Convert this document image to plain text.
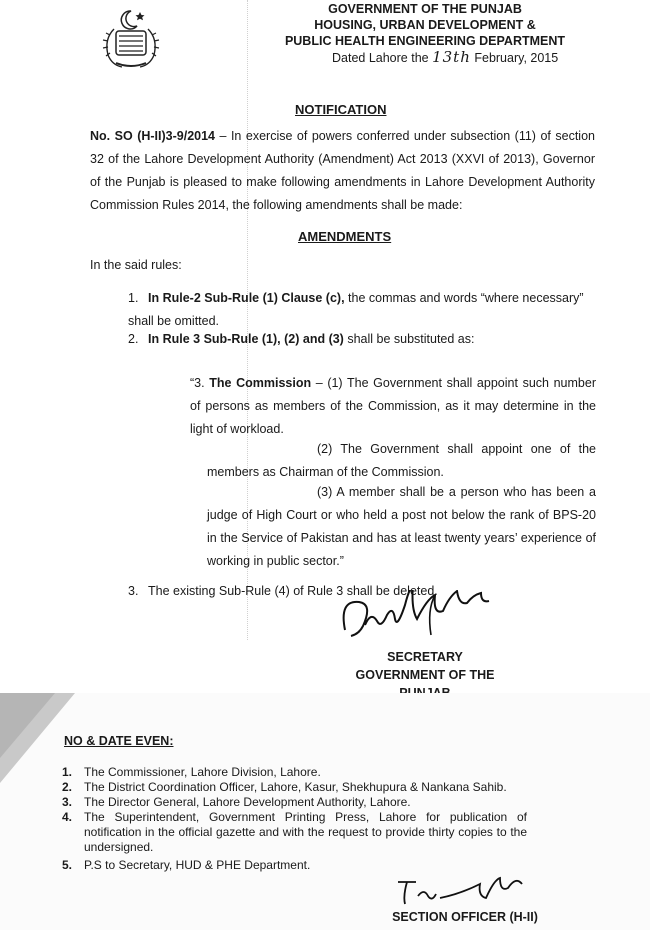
GOVERNMENT OF THE PUNJAB
HOUSING, URBAN DEVELOPMENT &
PUBLIC HEALTH ENGINEERING DEPARTMENT
Dated Lahore the 13th February, 2015
NOTIFICATION
No. SO (H-II)3-9/2014 – In exercise of powers conferred under subsection (11) of section 32 of the Lahore Development Authority (Amendment) Act 2013 (XXVI of 2013), Governor of the Punjab is pleased to make following amendments in Lahore Development Authority Commission Rules 2014, the following amendments shall be made:
AMENDMENTS
In the said rules:
1. In Rule-2 Sub-Rule (1) Clause (c), the commas and words “where necessary” shall be omitted.
2. In Rule 3 Sub-Rule (1), (2) and (3) shall be substituted as:
“3. The Commission – (1) The Government shall appoint such number of persons as members of the Commission, as it may determine in the light of workload.
(2) The Government shall appoint one of the members as Chairman of the Commission.
(3) A member shall be a person who has been a judge of High Court or who held a post not below the rank of BPS-20 in the Service of Pakistan and has at least twenty years’ experience of working in public sector.”
3. The existing Sub-Rule (4) of Rule 3 shall be deleted.
SECRETARY
GOVERNMENT OF THE
NO & DATE EVEN:
1. The Commissioner, Lahore Division, Lahore.
2. The District Coordination Officer, Lahore, Kasur, Shekhupura & Nankana Sahib.
3. The Director General, Lahore Development Authority, Lahore.
4. The Superintendent, Government Printing Press, Lahore for publication of notification in the official gazette and with the request to provide thirty copies to the undersigned.
5. P.S to Secretary, HUD & PHE Department.
SECTION OFFICER (H-II)
